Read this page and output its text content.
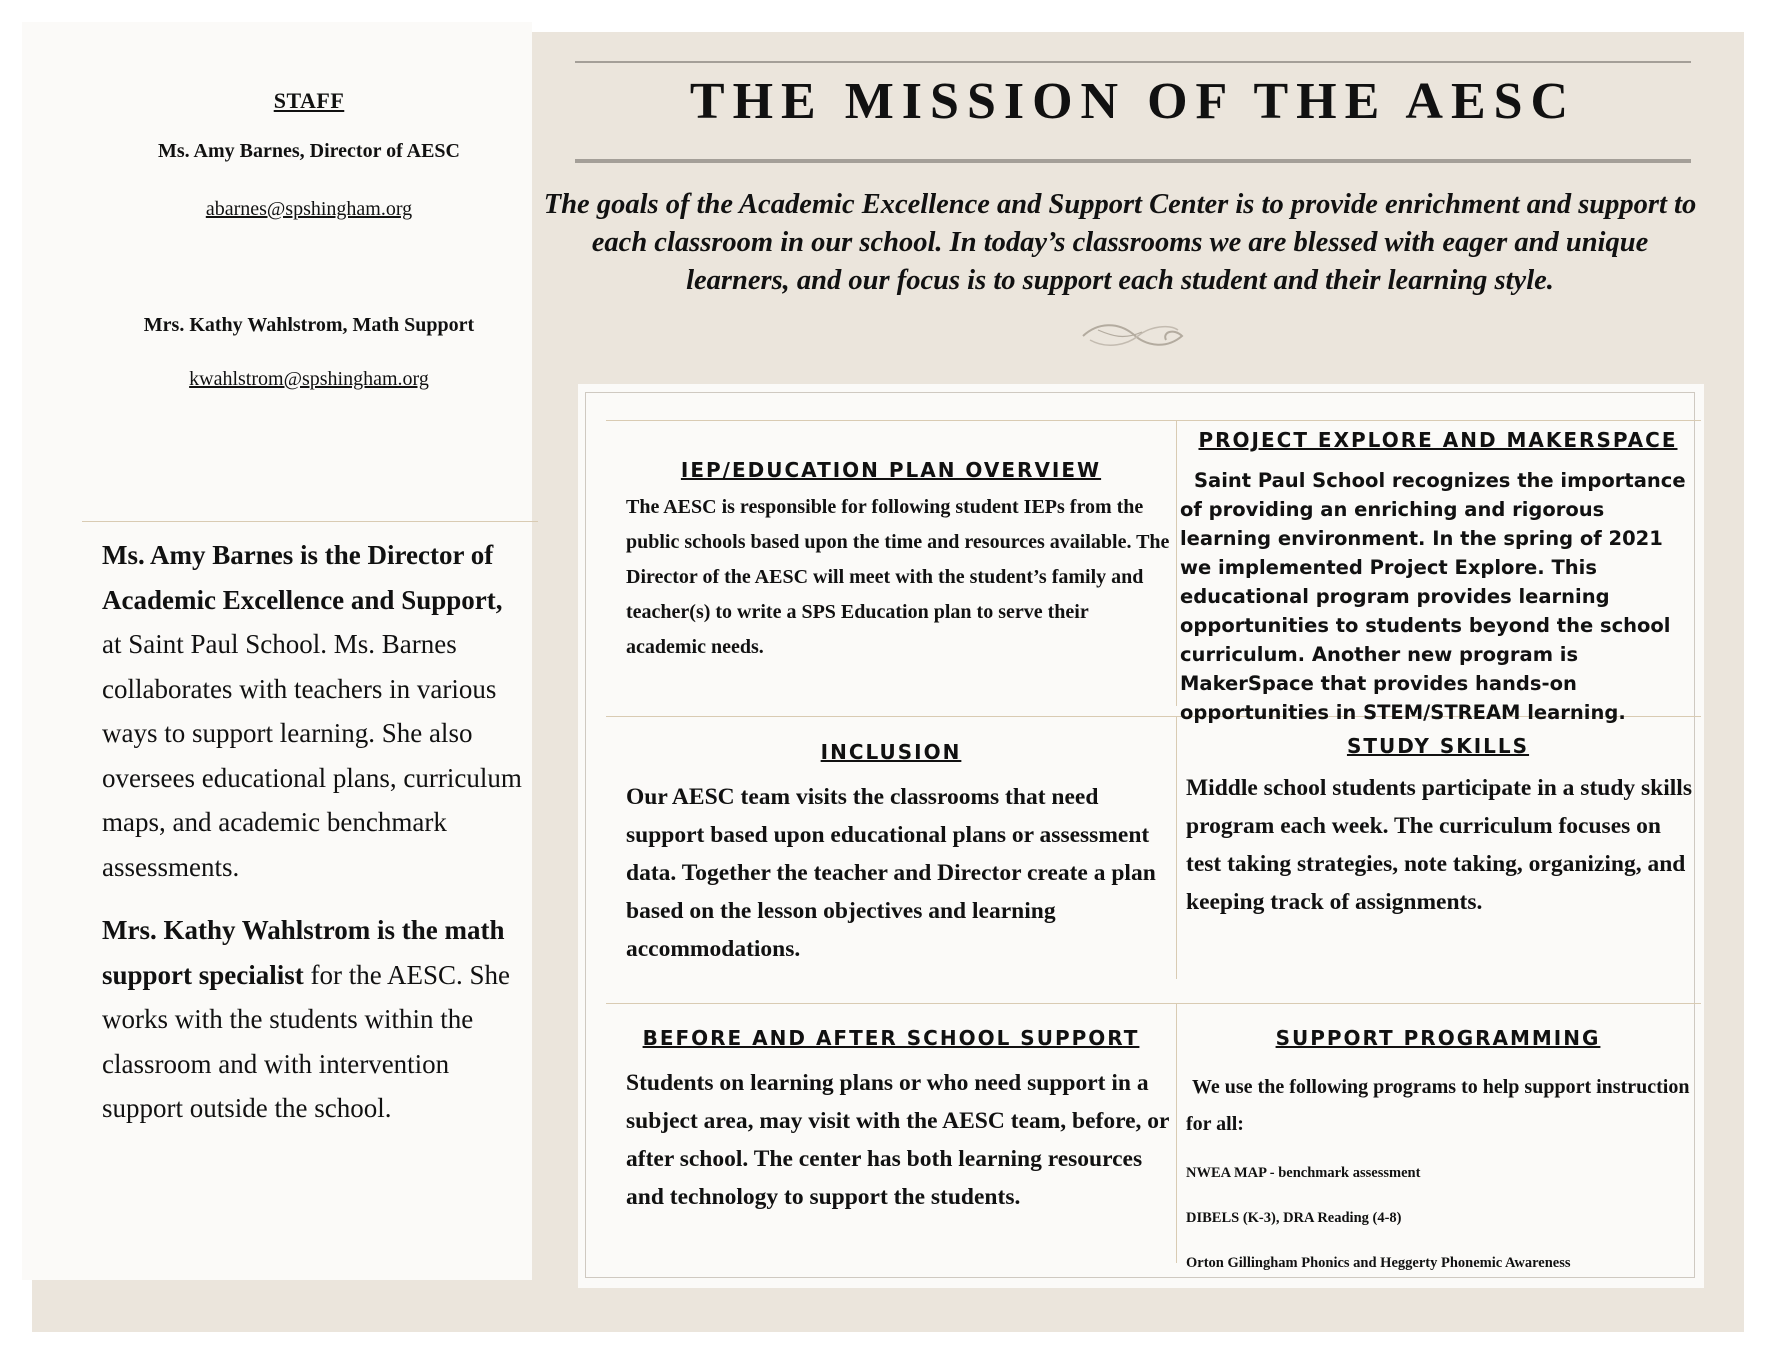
STAFF
Ms. Amy Barnes, Director of AESC
abarnes@spshingham.org
Mrs. Kathy Wahlstrom, Math Support
kwahlstrom@spshingham.org
Ms. Amy Barnes is the Director of Academic Excellence and Support, at Saint Paul School. Ms. Barnes collaborates with teachers in various ways to support learning. She also oversees educational plans, curriculum maps, and academic benchmark assessments.
Mrs. Kathy Wahlstrom is the math support specialist for the AESC. She works with the students within the classroom and with intervention support outside the school.
THE MISSION OF THE AESC
The goals of the Academic Excellence and Support Center is to provide enrichment and support to each classroom in our school. In today’s classrooms we are blessed with eager and unique learners, and our focus is to support each student and their learning style.
IEP/EDUCATION PLAN OVERVIEW
The AESC is responsible for following student IEPs from the public schools based upon the time and resources available. The Director of the AESC will meet with the student’s family and teacher(s) to write a SPS Education plan to serve their academic needs.
PROJECT EXPLORE AND MAKERSPACE
Saint Paul School recognizes the importance of providing an enriching and rigorous learning environment. In the spring of 2021 we implemented Project Explore. This educational program provides learning opportunities to students beyond the school curriculum. Another new program is MakerSpace that provides hands-on opportunities in STEM/STREAM learning.
INCLUSION
Our AESC team visits the classrooms that need support based upon educational plans or assessment data. Together the teacher and Director create a plan based on the lesson objectives and learning accommodations.
STUDY SKILLS
Middle school students participate in a study skills program each week. The curriculum focuses on test taking strategies, note taking, organizing, and keeping track of assignments.
BEFORE AND AFTER SCHOOL SUPPORT
Students on learning plans or who need support in a subject area, may visit with the AESC team, before, or after school. The center has both learning resources and technology to support the students.
SUPPORT PROGRAMMING
We use the following programs to help support instruction for all:
NWEA MAP - benchmark assessment
DIBELS (K-3), DRA Reading (4-8)
Orton Gillingham Phonics and Heggerty Phonemic Awareness
